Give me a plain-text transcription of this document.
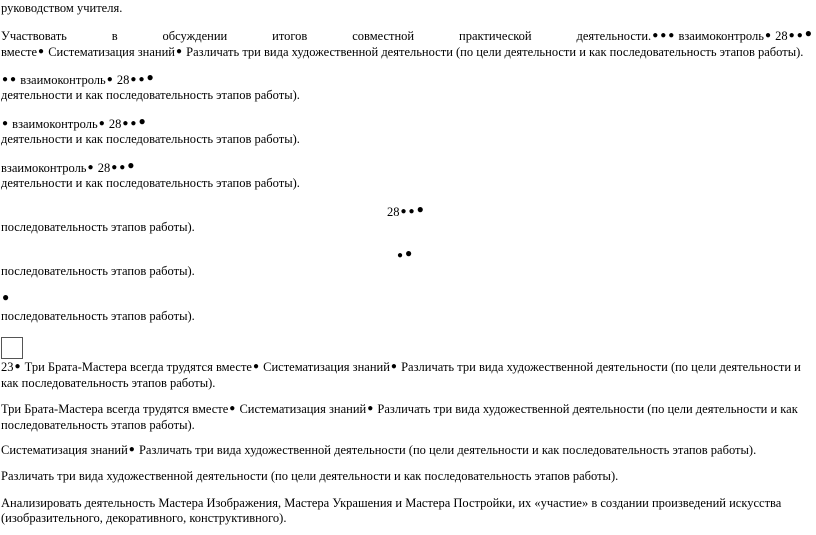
руководством учителя.
Участвовать	в	обсуждении	итогов	совместной	практической	деятельности.● ● ● взаимоконтроль● 28● ● ●
вместе● Систематизация знаний● Различать три вида художественной деятельности (по цели деятельности и как последовательность этапов работы).
● ● взаимоконтроль● 28● ● ●
деятельности и как последовательность этапов работы).
● взаимоконтроль● 28● ● ●
деятельности и как последовательность этапов работы).
взаимоконтроль● 28● ● ●
деятельности и как последовательность этапов работы).
28● ● ●
последовательность этапов работы).
● ●
последовательность этапов работы).
●
последовательность этапов работы).
23● Три Брата-Мастера всегда трудятся вместе● Систематизация знаний● Различать три вида художественной деятельности (по цели деятельности и как последовательность этапов работы).
Три Брата-Мастера всегда трудятся вместе● Систематизация знаний● Различать три вида художественной деятельности (по цели деятельности и как последовательность этапов работы).
Систематизация знаний● Различать три вида художественной деятельности (по цели деятельности и как последовательность этапов работы).
Различать три вида художественной деятельности (по цели деятельности и как последовательность этапов работы).
Анализировать деятельность Мастера Изображения, Мастера Украшения и Мастера Постройки, их «участие» в создании произведений искусства (изобразительного, декоративного, конструктивного).
